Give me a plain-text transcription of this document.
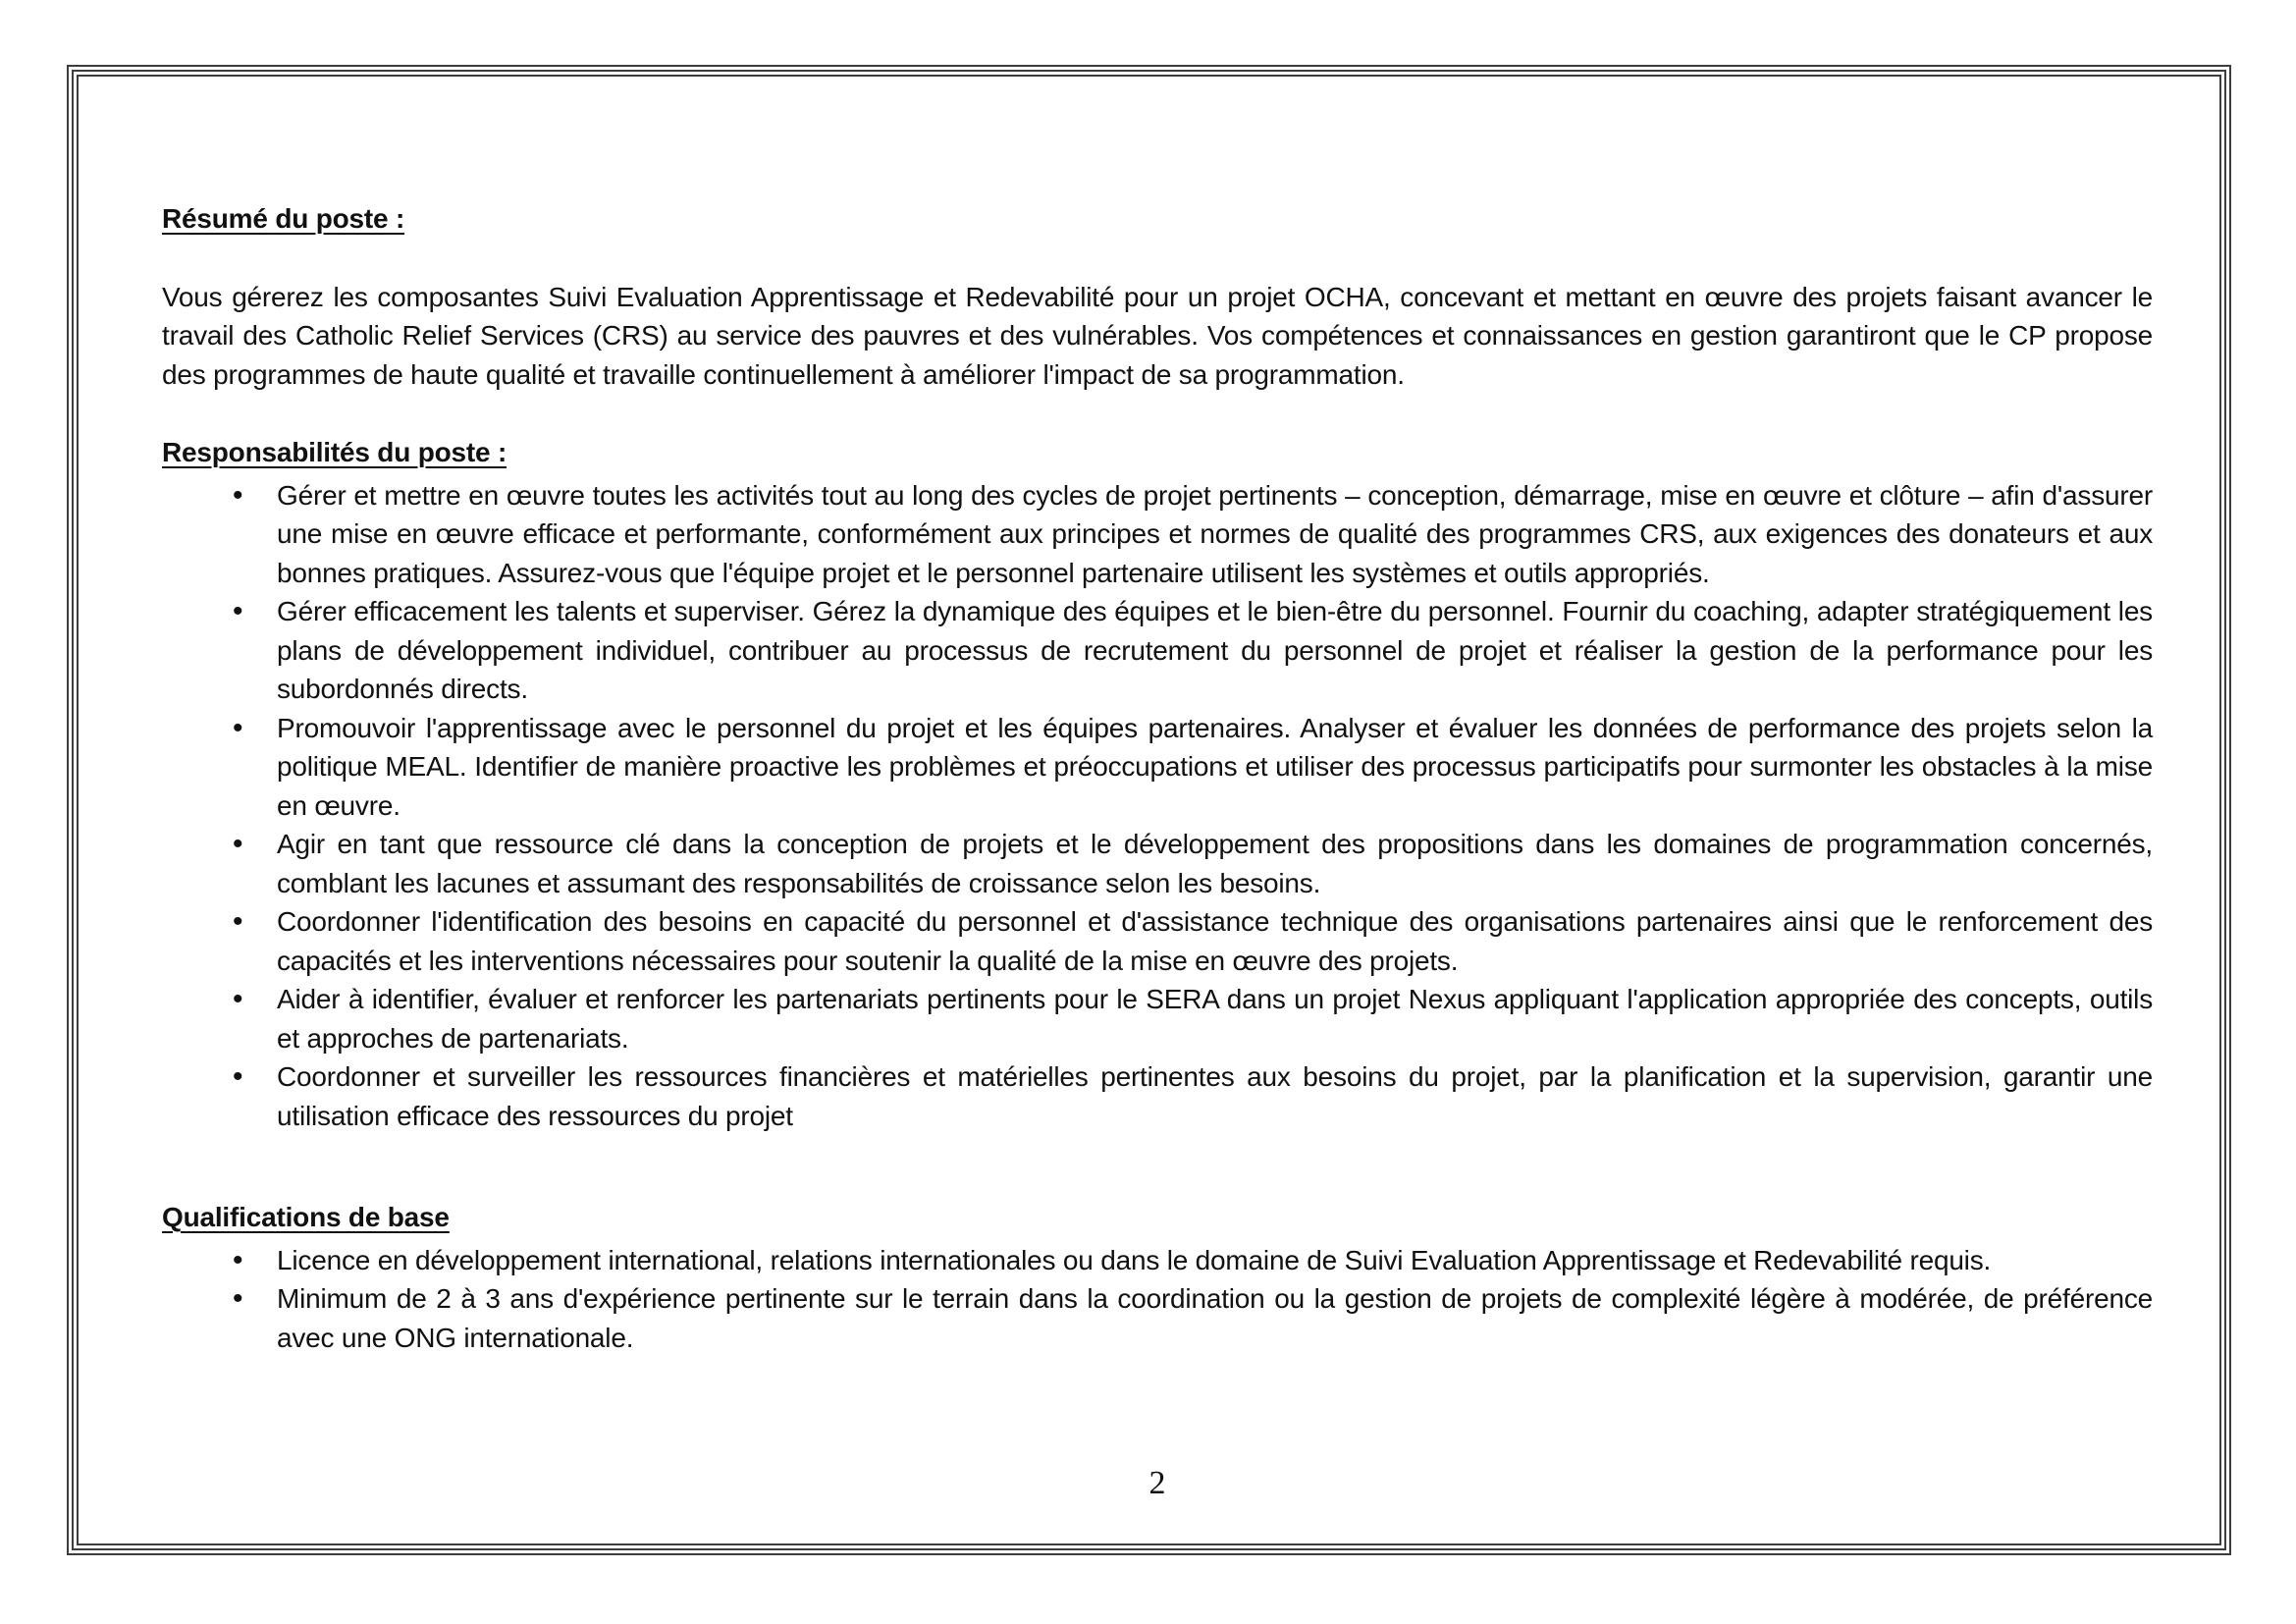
Résumé du poste :

Vous gérerez les composantes Suivi Evaluation Apprentissage et Redevabilité pour un projet OCHA, concevant et mettant en œuvre des projets faisant avancer le travail des Catholic Relief Services (CRS) au service des pauvres et des vulnérables. Vos compétences et connaissances en gestion garantiront que le CP propose des programmes de haute qualité et travaille continuellement à améliorer l'impact de sa programmation.

Responsabilités du poste :
• Gérer et mettre en œuvre toutes les activités tout au long des cycles de projet pertinents – conception, démarrage, mise en œuvre et clôture – afin d'assurer une mise en œuvre efficace et performante, conformément aux principes et normes de qualité des programmes CRS, aux exigences des donateurs et aux bonnes pratiques. Assurez-vous que l'équipe projet et le personnel partenaire utilisent les systèmes et outils appropriés.
• Gérer efficacement les talents et superviser. Gérez la dynamique des équipes et le bien-être du personnel. Fournir du coaching, adapter stratégiquement les plans de développement individuel, contribuer au processus de recrutement du personnel de projet et réaliser la gestion de la performance pour les subordonnés directs.
• Promouvoir l'apprentissage avec le personnel du projet et les équipes partenaires. Analyser et évaluer les données de performance des projets selon la politique MEAL. Identifier de manière proactive les problèmes et préoccupations et utiliser des processus participatifs pour surmonter les obstacles à la mise en œuvre.
• Agir en tant que ressource clé dans la conception de projets et le développement des propositions dans les domaines de programmation concernés, comblant les lacunes et assumant des responsabilités de croissance selon les besoins.
• Coordonner l'identification des besoins en capacité du personnel et d'assistance technique des organisations partenaires ainsi que le renforcement des capacités et les interventions nécessaires pour soutenir la qualité de la mise en œuvre des projets.
• Aider à identifier, évaluer et renforcer les partenariats pertinents pour le SERA dans un projet Nexus appliquant l'application appropriée des concepts, outils et approches de partenariats.
• Coordonner et surveiller les ressources financières et matérielles pertinentes aux besoins du projet, par la planification et la supervision, garantir une utilisation efficace des ressources du projet
Qualifications de base
• Licence en développement international, relations internationales ou dans le domaine de Suivi Evaluation Apprentissage et Redevabilité requis.
• Minimum de 2 à 3 ans d'expérience pertinente sur le terrain dans la coordination ou la gestion de projets de complexité légère à modérée, de préférence avec une ONG internationale.
2
